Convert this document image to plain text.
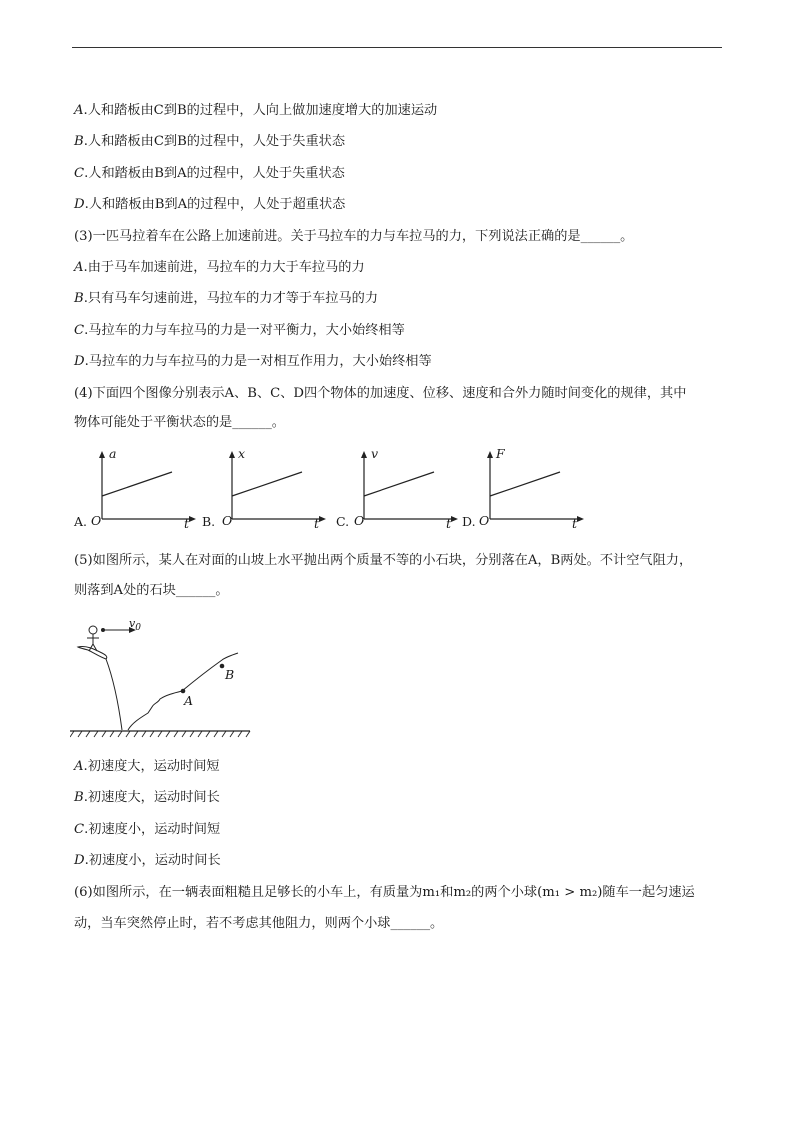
A.人和踏板由C到B的过程中，人向上做加速度增大的加速运动
B.人和踏板由C到B的过程中，人处于失重状态
C.人和踏板由B到A的过程中，人处于失重状态
D.人和踏板由B到A的过程中，人处于超重状态
(3)一匹马拉着车在公路上加速前进。关于马拉车的力与车拉马的力，下列说法正确的是______。
A.由于马车加速前进，马拉车的力大于车拉马的力
B.只有马车匀速前进，马拉车的力才等于车拉马的力
C.马拉车的力与车拉马的力是一对平衡力，大小始终相等
D.马拉车的力与车拉马的力是一对相互作用力，大小始终相等
(4)下面四个图像分别表示A、B、C、D四个物体的加速度、位移、速度和合外力随时间变化的规律，其中
物体可能处于平衡状态的是______。
A. O
a
t B. O
x
t C. O
v
t D. O
F
t
(5)如图所示，某人在对面的山坡上水平抛出两个质量不等的小石块，分别落在A，B两处。不计空气阻力，
则落到A处的石块______。
$v_0$
A
B
A.初速度大，运动时间短
B.初速度大，运动时间长
C.初速度小，运动时间短
D.初速度小，运动时间长
(6)如图所示，在一辆表面粗糙且足够长的小车上，有质量为m₁和m₂的两个小球(m₁ > m₂)随车一起匀速运
动，当车突然停止时，若不考虑其他阻力，则两个小球______。
